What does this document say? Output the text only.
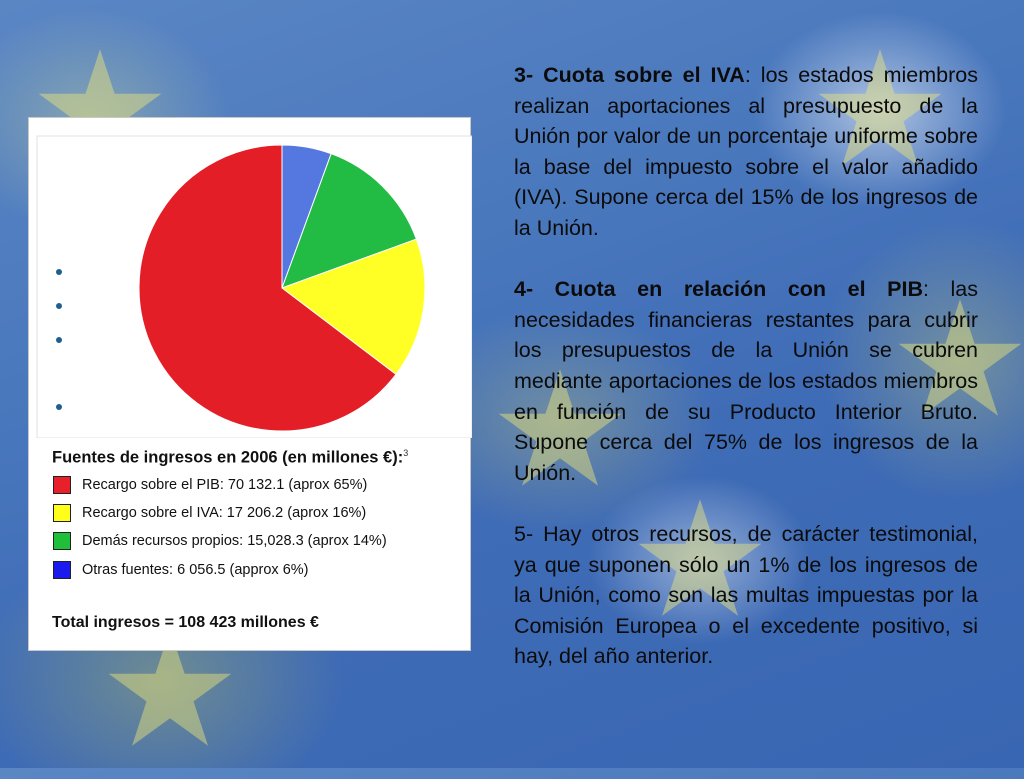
Fuentes de ingresos en 2006 (en millones €):$^3$
Recargo sobre el PIB: 70 132.1 (aprox 65%)
Recargo sobre el IVA: 17 206.2 (aprox 16%)
Demás recursos propios: 15,028.3 (aprox 14%)
Otras fuentes: 6 056.5 (approx 6%)
Total ingresos = 108 423 millones €

3- Cuota sobre el IVA: los estados miembros realizan aportaciones al presupuesto de la Unión por valor de un porcentaje uniforme sobre la base del impuesto sobre el valor añadido (IVA). Supone cerca del 15% de los ingresos de la Unión.

4- Cuota en relación con el PIB: las necesidades financieras restantes para cubrir los presupuestos de la Unión se cubren mediante aportaciones de los estados miembros en función de su Producto Interior Bruto. Supone cerca del 75% de los ingresos de la Unión.

5- Hay otros recursos, de carácter testimonial, ya que suponen sólo un 1% de los ingresos de la Unión, como son las multas impuestas por la Comisión Europea o el excedente positivo, si hay, del año anterior.
